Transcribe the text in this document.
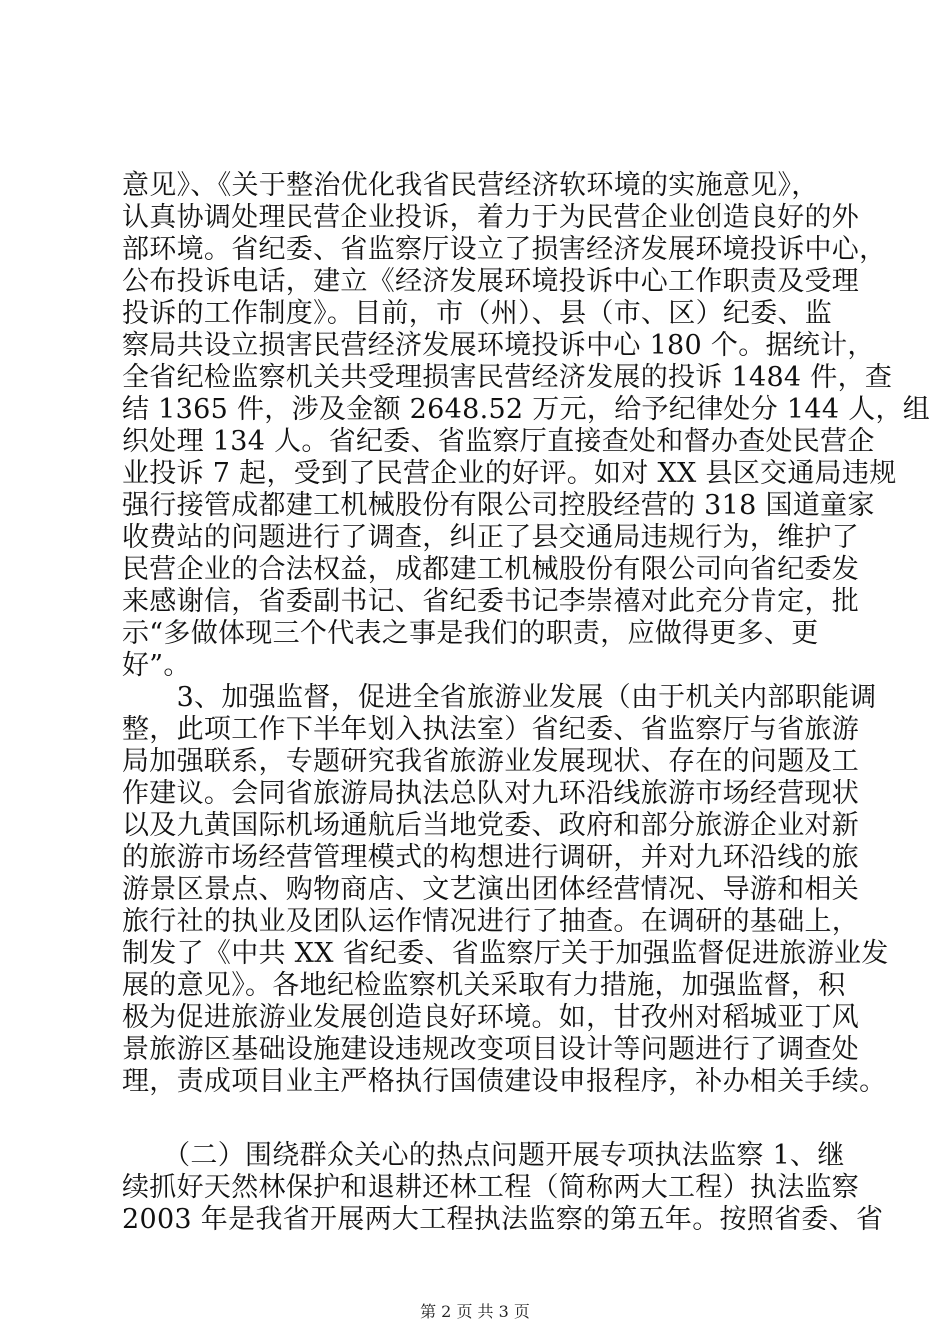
意见》、《关于整治优化我省民营经济软环境的实施意见》，
认真协调处理民营企业投诉，着力于为民营企业创造良好的外
部环境。省纪委、省监察厅设立了损害经济发展环境投诉中心，
公布投诉电话，建立《经济发展环境投诉中心工作职责及受理
投诉的工作制度》。目前，市（州）、县（市、区）纪委、监
察局共设立损害民营经济发展环境投诉中心 180 个。据统计，
全省纪检监察机关共受理损害民营经济发展的投诉 1484 件，查
结 1365 件，涉及金额 2648.52 万元，给予纪律处分 144 人，组
织处理 134 人。省纪委、省监察厅直接查处和督办查处民营企
业投诉 7 起，受到了民营企业的好评。如对 XX 县区交通局违规
强行接管成都建工机械股份有限公司控股经营的 318 国道童家
收费站的问题进行了调查，纠正了县交通局违规行为，维护了
民营企业的合法权益，成都建工机械股份有限公司向省纪委发
来感谢信，省委副书记、省纪委书记李崇禧对此充分肯定，批
示“多做体现三个代表之事是我们的职责，应做得更多、更
好”。
　　3、加强监督，促进全省旅游业发展（由于机关内部职能调
整，此项工作下半年划入执法室）省纪委、省监察厅与省旅游
局加强联系，专题研究我省旅游业发展现状、存在的问题及工
作建议。会同省旅游局执法总队对九环沿线旅游市场经营现状
以及九黄国际机场通航后当地党委、政府和部分旅游企业对新
的旅游市场经营管理模式的构想进行调研，并对九环沿线的旅
游景区景点、购物商店、文艺演出团体经营情况、导游和相关
旅行社的执业及团队运作情况进行了抽查。在调研的基础上，
制发了《中共 XX 省纪委、省监察厅关于加强监督促进旅游业发
展的意见》。各地纪检监察机关采取有力措施，加强监督，积
极为促进旅游业发展创造良好环境。如，甘孜州对稻城亚丁风
景旅游区基础设施建设违规改变项目设计等问题进行了调查处
理，责成项目业主严格执行国债建设申报程序，补办相关手续。
　　（二）围绕群众关心的热点问题开展专项执法监察 1、继
续抓好天然林保护和退耕还林工程（简称两大工程）执法监察
2003 年是我省开展两大工程执法监察的第五年。按照省委、省
第 2 页 共 3 页
